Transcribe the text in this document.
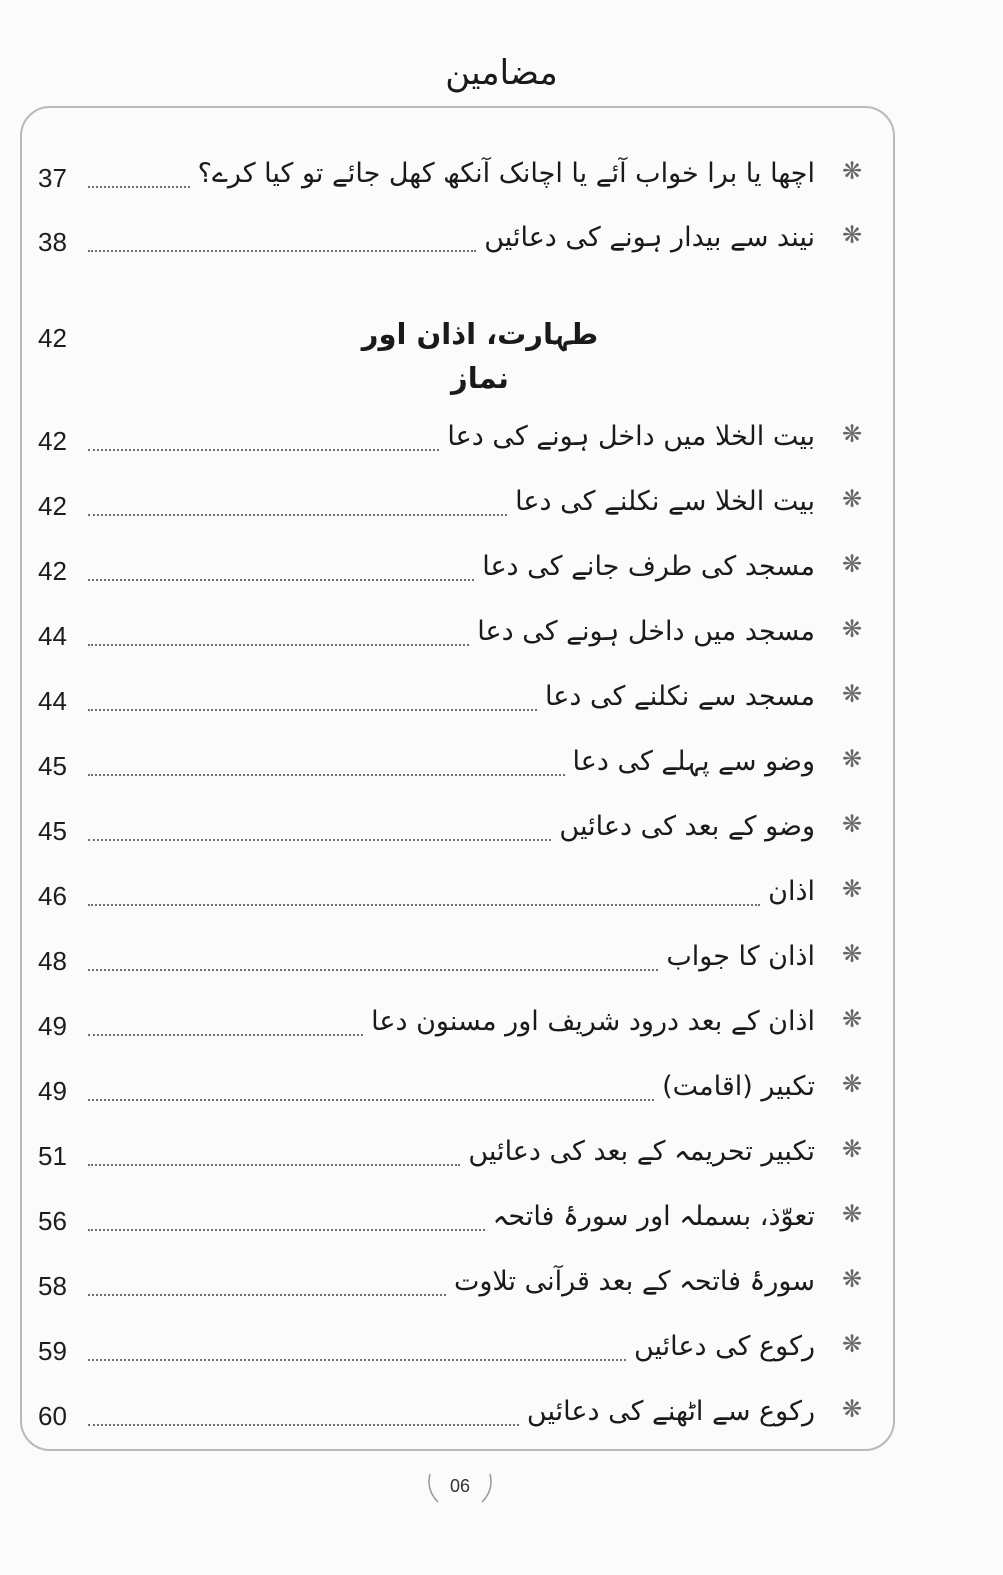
مضامین
37	اچھا یا برا خواب آئے یا اچانک آنکھ کھل جائے تو کیا کرے؟ ❋
38	نیند سے بیدار ہونے کی دعائیں ❋
42	طہارت، اذان اور نماز
42	بیت الخلا میں داخل ہونے کی دعا ❋
42	بیت الخلا سے نکلنے کی دعا ❋
42	مسجد کی طرف جانے کی دعا ❋
44	مسجد میں داخل ہونے کی دعا ❋
44	مسجد سے نکلنے کی دعا ❋
45	وضو سے پہلے کی دعا ❋
45	وضو کے بعد کی دعائیں ❋
46	اذان ❋
48	اذان کا جواب ❋
49	اذان کے بعد درود شریف اور مسنون دعا ❋
49	تکبیر (اقامت) ❋
51	تکبیر تحریمہ کے بعد کی دعائیں ❋
56	تعوّذ، بسملہ اور سورۂ فاتحہ ❋
58	سورۂ فاتحہ کے بعد قرآنی تلاوت ❋
59	رکوع کی دعائیں ❋
60	رکوع سے اٹھنے کی دعائیں ❋
06
